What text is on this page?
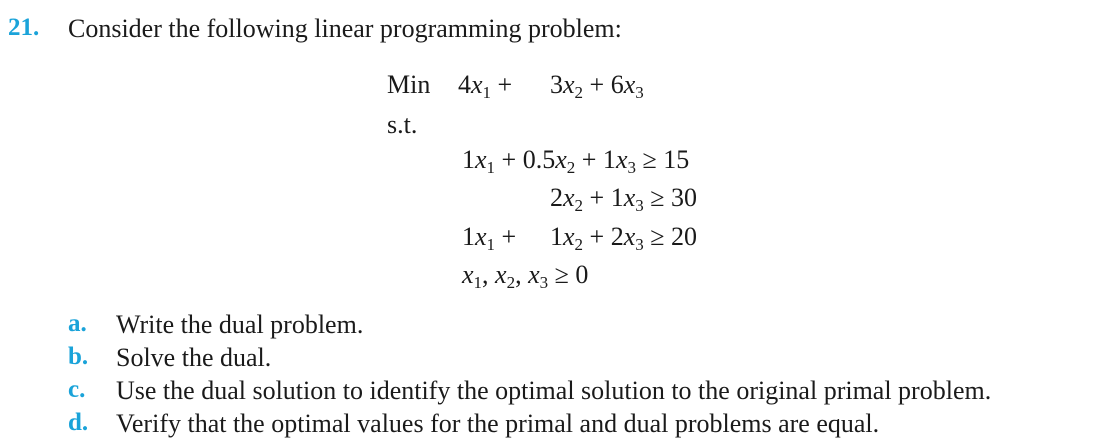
21. Consider the following linear programming problem:
Min $4x_1 + 3x_2 + 6x_3$
s.t.
$1x_1 + 0.5x_2 + 1x_3 \ge 15$
$2x_2 + 1x_3 \ge 30$
$1x_1 + 1x_2 + 2x_3 \ge 20$
$x_1$, $x_2$, $x_3 \ge 0$
a. Write the dual problem.
b. Solve the dual.
c. Use the dual solution to identify the optimal solution to the original primal problem.
d. Verify that the optimal values for the primal and dual problems are equal.
